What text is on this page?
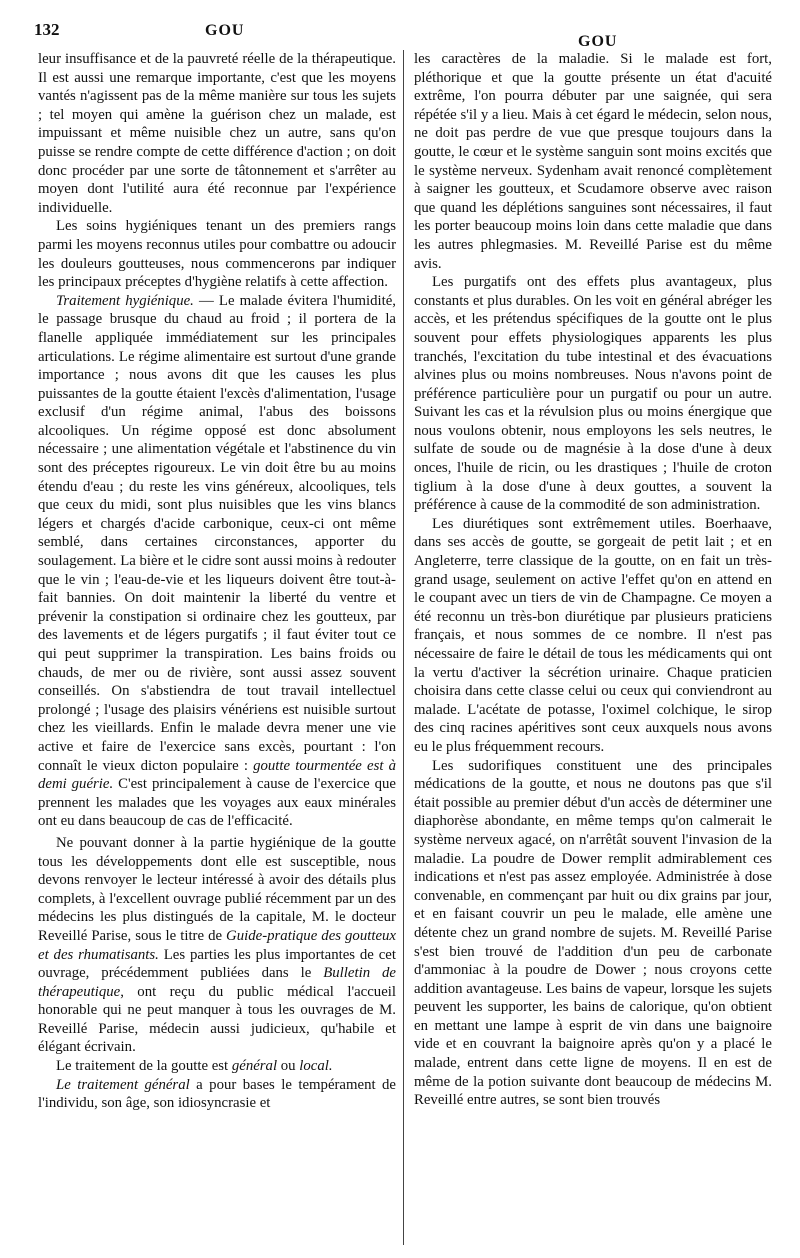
132	GOU
GOU

leur insuffisance et de la pauvreté réelle de la thérapeutique. Il est aussi une remarque importante, c'est que les moyens vantés n'agissent pas de la même manière sur tous les sujets ; tel moyen qui amène la guérison chez un malade, est impuissant et même nuisible chez un autre, sans qu'on puisse se rendre compte de cette différence d'action ; on doit donc procéder par une sorte de tâtonnement et s'arrêter au moyen dont l'utilité aura été reconnue par l'expérience individuelle.

Les soins hygiéniques tenant un des premiers rangs parmi les moyens reconnus utiles pour combattre ou adoucir les douleurs goutteuses, nous commencerons par indiquer les principaux préceptes d'hygiène relatifs à cette affection.

Traitement hygiénique. — Le malade évitera l'humidité, le passage brusque du chaud au froid ; il portera de la flanelle appliquée immédiatement sur les principales articulations. Le régime alimentaire est surtout d'une grande importance ; nous avons dit que les causes les plus puissantes de la goutte étaient l'excès d'alimentation, l'usage exclusif d'un régime animal, l'abus des boissons alcooliques. Un régime opposé est donc absolument nécessaire ; une alimentation végétale et l'abstinence du vin sont des préceptes rigoureux. Le vin doit être bu au moins étendu d'eau ; du reste les vins généreux, alcooliques, tels que ceux du midi, sont plus nuisibles que les vins blancs légers et chargés d'acide carbonique, ceux-ci ont même semblé, dans certaines circonstances, apporter du soulagement. La bière et le cidre sont aussi moins à redouter que le vin ; l'eau-de-vie et les liqueurs doivent être tout-à-fait bannies. On doit maintenir la liberté du ventre et prévenir la constipation si ordinaire chez les goutteux, par des lavements et de légers purgatifs ; il faut éviter tout ce qui peut supprimer la transpiration. Les bains froids ou chauds, de mer ou de rivière, sont aussi assez souvent conseillés. On s'abstiendra de tout travail intellectuel prolongé ; l'usage des plaisirs vénériens est nuisible surtout chez les vieillards. Enfin le malade devra mener une vie active et faire de l'exercice sans excès, pourtant : l'on connaît le vieux dicton populaire : goutte tourmentée est à demi guérie. C'est principalement à cause de l'exercice que prennent les malades que les voyages aux eaux minérales ont eu dans beaucoup de cas de l'efficacité.

Ne pouvant donner à la partie hygiénique de la goutte tous les développements dont elle est susceptible, nous devons renvoyer le lecteur intéressé à avoir des détails plus complets, à l'excellent ouvrage publié récemment par un des médecins les plus distingués de la capitale, M. le docteur Reveillé Parise, sous le titre de Guide-pratique des goutteux et des rhumatisants. Les parties les plus importantes de cet ouvrage, précédemment publiées dans le Bulletin de thérapeutique, ont reçu du public médical l'accueil honorable qui ne peut manquer à tous les ouvrages de M. Reveillé Parise, médecin aussi judicieux, qu'habile et élégant écrivain.

Le traitement de la goutte est général ou local.

Le traitement général a pour bases le tempérament de l'individu, son âge, son idiosyncrasie et

les caractères de la maladie. Si le malade est fort, pléthorique et que la goutte présente un état d'acuité extrême, l'on pourra débuter par une saignée, qui sera répétée s'il y a lieu. Mais à cet égard le médecin, selon nous, ne doit pas perdre de vue que presque toujours dans la goutte, le cœur et le système sanguin sont moins excités que le système nerveux. Sydenham avait renoncé complètement à saigner les goutteux, et Scudamore observe avec raison que quand les déplétions sanguines sont nécessaires, il faut les porter beaucoup moins loin dans cette maladie que dans les autres phlegmasies. M. Reveillé Parise est du même avis.

Les purgatifs ont des effets plus avantageux, plus constants et plus durables. On les voit en général abréger les accès, et les prétendus spécifiques de la goutte ont le plus souvent pour effets physiologiques apparents les plus tranchés, l'excitation du tube intestinal et des évacuations alvines plus ou moins nombreuses. Nous n'avons point de préférence particulière pour un purgatif ou pour un autre. Suivant les cas et la révulsion plus ou moins énergique que nous voulons obtenir, nous employons les sels neutres, le sulfate de soude ou de magnésie à la dose d'une à deux onces, l'huile de ricin, ou les drastiques ; l'huile de croton tiglium à la dose d'une à deux gouttes, a souvent la préférence à cause de la commodité de son administration.

Les diurétiques sont extrêmement utiles. Boerhaave, dans ses accès de goutte, se gorgeait de petit lait ; et en Angleterre, terre classique de la goutte, on en fait un très-grand usage, seulement on active l'effet qu'on en attend en le coupant avec un tiers de vin de Champagne. Ce moyen a été reconnu un très-bon diurétique par plusieurs praticiens français, et nous sommes de ce nombre. Il n'est pas nécessaire de faire le détail de tous les médicaments qui ont la vertu d'activer la sécrétion urinaire. Chaque praticien choisira dans cette classe celui ou ceux qui conviendront au malade. L'acétate de potasse, l'oximel colchique, le sirop des cinq racines apéritives sont ceux auxquels nous avons eu le plus fréquemment recours.

Les sudorifiques constituent une des principales médications de la goutte, et nous ne doutons pas que s'il était possible au premier début d'un accès de déterminer une diaphorèse abondante, en même temps qu'on calmerait le système nerveux agacé, on n'arrêtât souvent l'invasion de la maladie. La poudre de Dower remplit admirablement ces indications et n'est pas assez employée. Administrée à dose convenable, en commençant par huit ou dix grains par jour, et en faisant couvrir un peu le malade, elle amène une détente chez un grand nombre de sujets. M. Reveillé Parise s'est bien trouvé de l'addition d'un peu de carbonate d'ammoniac à la poudre de Dower ; nous croyons cette addition avantageuse. Les bains de vapeur, lorsque les sujets peuvent les supporter, les bains de calorique, qu'on obtient en mettant une lampe à esprit de vin dans une baignoire vide et en couvrant la baignoire après qu'on y a placé le malade, entrent dans cette ligne de moyens. Il en est de même de la potion suivante dont beaucoup de médecins M. Reveillé entre autres, se sont bien trouvés
